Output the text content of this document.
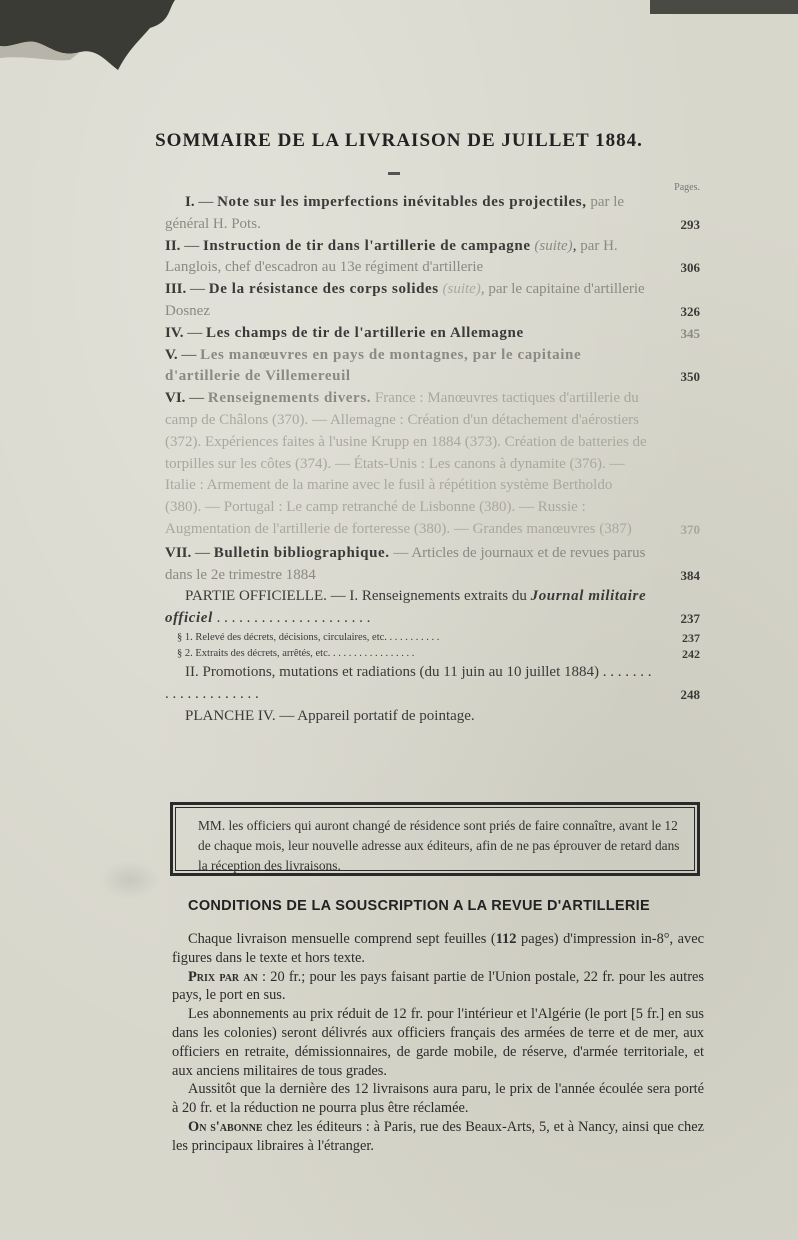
SOMMAIRE DE LA LIVRAISON DE JUILLET 1884.
Pages.
I. — Note sur les imperfections inévitables des projectiles, par le général H. Pots.	293
II. — Instruction de tir dans l'artillerie de campagne (suite), par H. Langlois, chef d'escadron au 13e régiment d'artillerie	306
III. — De la résistance des corps solides (suite), par le capitaine d'artillerie Dosnez	326
IV. — Les champs de tir de l'artillerie en Allemagne	345
V. — Les manœuvres en pays de montagnes, par le capitaine d'artillerie de Villemereuil	350
VI. — Renseignements divers. France : Manœuvres tactiques d'artillerie du camp de Châlons (370). — Allemagne : Création d'un détachement d'aérostiers (372). Expériences faites à l'usine Krupp en 1884 (373). Création de batteries de torpilles sur les côtes (374). — États-Unis : Les canons à dynamite (376). — Italie : Armement de la marine avec le fusil à répétition système Bertholdo (380). — Portugal : Le camp retranché de Lisbonne (380). — Russie : Augmentation de l'artillerie de forteresse (380). — Grandes manœuvres (387)	370
VII. — Bulletin bibliographique. — Articles de journaux et de revues parus dans le 2e trimestre 1884	384
PARTIE OFFICIELLE. — I. Renseignements extraits du Journal militaire officiel . . . . . . . . . . . . . . . . . . . . .	237
§ 1. Relevé des décrets, décisions, circulaires, etc. . . . . . . . . . .	237
§ 2. Extraits des décrets, arrêtés, etc. . . . . . . . . . . . . . . . .	242
II. Promotions, mutations et radiations (du 11 juin au 10 juillet 1884) . . . . . . . . . . . . . . . . . . . .	248
PLANCHE IV. — Appareil portatif de pointage.
MM. les officiers qui auront changé de résidence sont priés de faire connaître, avant le 12 de chaque mois, leur nouvelle adresse aux éditeurs, afin de ne pas éprouver de retard dans la réception des livraisons.
CONDITIONS DE LA SOUSCRIPTION A LA REVUE D'ARTILLERIE

Chaque livraison mensuelle comprend sept feuilles (112 pages) d'impression in-8°, avec figures dans le texte et hors texte.

Prix par an : 20 fr.; pour les pays faisant partie de l'Union postale, 22 fr. pour les autres pays, le port en sus.

Les abonnements au prix réduit de 12 fr. pour l'intérieur et l'Algérie (le port [5 fr.] en sus dans les colonies) seront délivrés aux officiers français des armées de terre et de mer, aux officiers en retraite, démissionnaires, de garde mobile, de réserve, d'armée territoriale, et aux anciens militaires de tous grades.

Aussitôt que la dernière des 12 livraisons aura paru, le prix de l'année écoulée sera porté à 20 fr. et la réduction ne pourra plus être réclamée.

On s'abonne chez les éditeurs : à Paris, rue des Beaux-Arts, 5, et à Nancy, ainsi que chez les principaux libraires à l'étranger.
